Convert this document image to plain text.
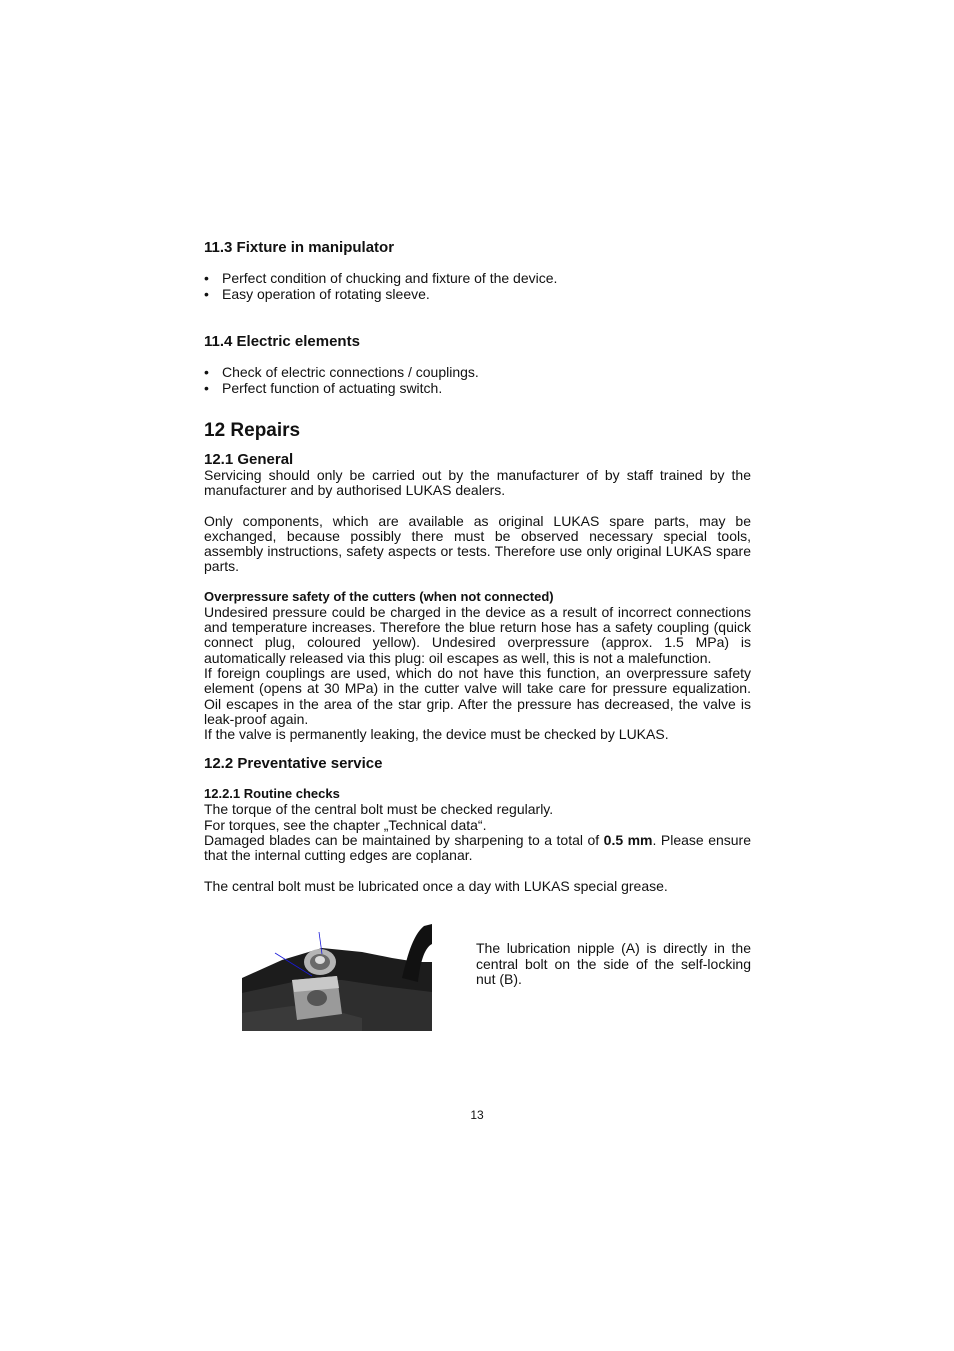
11.3 Fixture in manipulator
• Perfect condition of chucking and fixture of the device.
• Easy operation of rotating sleeve.
11.4 Electric elements
• Check of electric connections / couplings.
• Perfect function of actuating switch.
12 Repairs
12.1 General

Servicing should only be carried out by the manufacturer of by staff trained by the manufacturer and by authorised LUKAS dealers.

Only components, which are available as original LUKAS spare parts, may be exchanged, because possibly there must be observed necessary special tools, assembly instructions, safety aspects or tests. Therefore use only original LUKAS spare parts.

Overpressure safety of the cutters (when not connected)

Undesired pressure could be charged in the device as a result of incorrect connections and temperature increases. Therefore the blue return hose has a safety coupling (quick connect plug, coloured yellow). Undesired overpressure (approx. 1.5 MPa) is automatically released via this plug: oil escapes as well, this is not a malefunction.

If foreign couplings are used, which do not have this function, an overpressure safety element (opens at 30 MPa) in the cutter valve will take care for pressure equalization. Oil escapes in the area of the star grip. After the pressure has decreased, the valve is leak-proof again.

If the valve is permanently leaking, the device must be checked by LUKAS.

12.2 Preventative service
12.2.1 Routine checks

The torque of the central bolt must be checked regularly.

For torques, see the chapter „Technical data“.

Damaged blades can be maintained by sharpening to a total of 0.5 mm. Please ensure that the internal cutting edges are coplanar.

The central bolt must be lubricated once a day with LUKAS special grease.

The lubrication nipple (A) is directly in the central bolt on the side of the self-locking nut (B).
13
